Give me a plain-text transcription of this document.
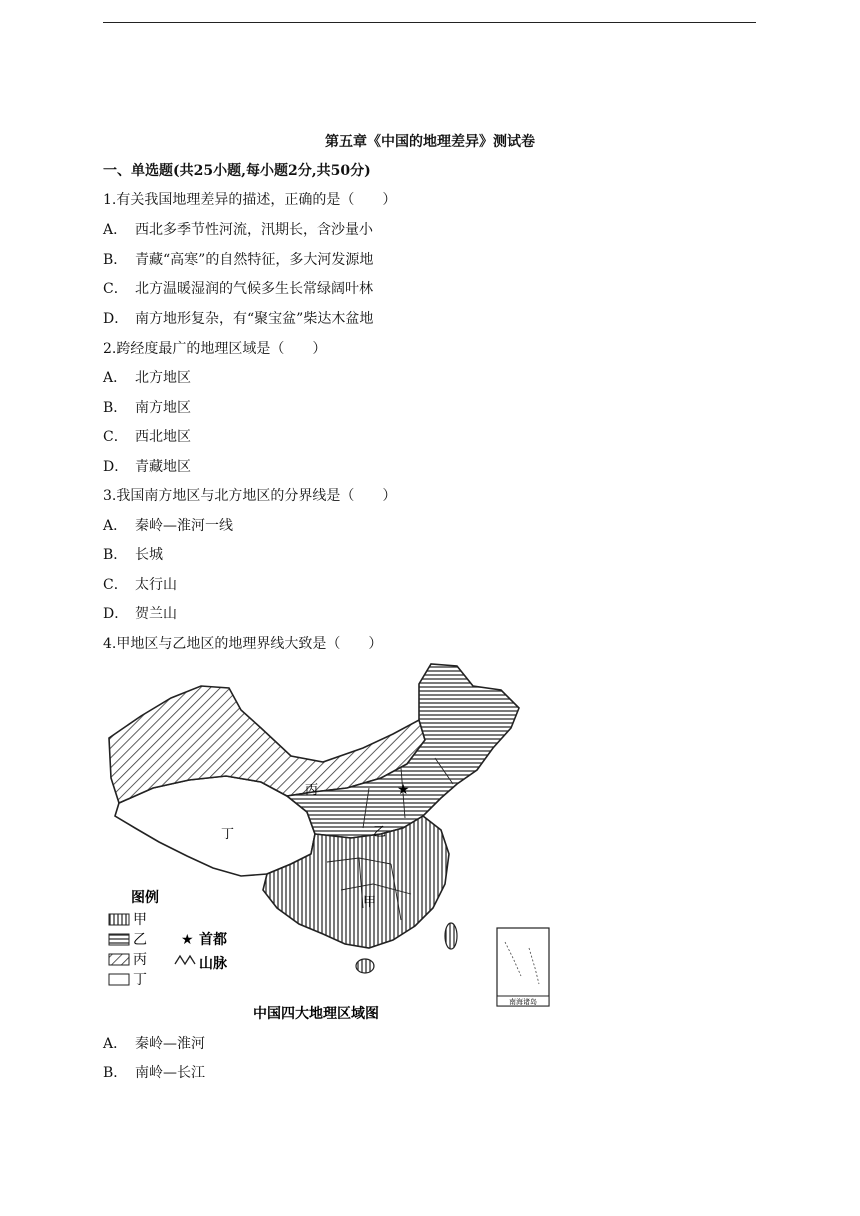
第五章《中国的地理差异》测试卷
一、单选题(共25小题,每小题2分,共50分)
1.有关我国地理差异的描述，正确的是（　　）
A． 西北多季节性河流，汛期长，含沙量小
B． 青藏“高寒”的自然特征，多大河发源地
C． 北方温暖湿润的气候多生长常绿阔叶林
D． 南方地形复杂，有“聚宝盆”柴达木盆地
2.跨经度最广的地理区域是（　　）
A． 北方地区
B． 南方地区
C． 西北地区
D． 青藏地区
3.我国南方地区与北方地区的分界线是（　　）
A． 秦岭—淮河一线
B． 长城
C． 太行山
D． 贺兰山
4.甲地区与乙地区的地理界线大致是（　　）
甲
乙
丙
丁
★
图例
甲
乙
丙
丁
★ 首都
山脉
南海诸岛
中国四大地理区域图
A． 秦岭—淮河
B． 南岭—长江
